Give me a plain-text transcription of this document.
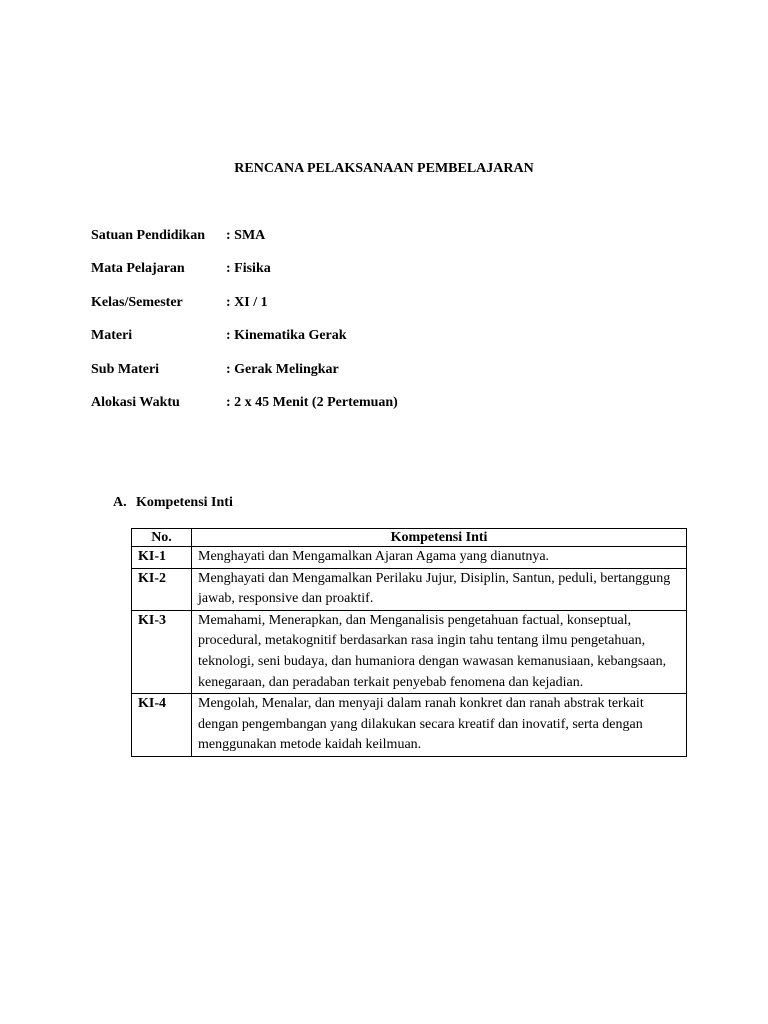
RENCANA PELAKSANAAN PEMBELAJARAN
Satuan Pendidikan	: SMA
Mata Pelajaran	: Fisika
Kelas/Semester	: XI / 1
Materi	: Kinematika Gerak
Sub Materi	: Gerak Melingkar
Alokasi Waktu	: 2 x 45 Menit (2 Pertemuan)
A. Kompetensi Inti
No.	Kompetensi Inti
KI-1	Menghayati dan Mengamalkan Ajaran Agama yang dianutnya.
KI-2	Menghayati dan Mengamalkan Perilaku Jujur, Disiplin, Santun, peduli, bertanggung jawab, responsive dan proaktif.
KI-3	Memahami, Menerapkan, dan Menganalisis pengetahuan factual, konseptual, procedural, metakognitif berdasarkan rasa ingin tahu tentang ilmu pengetahuan, teknologi, seni budaya, dan humaniora dengan wawasan kemanusiaan, kebangsaan, kenegaraan, dan peradaban terkait penyebab fenomena dan kejadian.
KI-4	Mengolah, Menalar, dan menyaji dalam ranah konkret dan ranah abstrak terkait dengan pengembangan yang dilakukan secara kreatif dan inovatif, serta dengan menggunakan metode kaidah keilmuan.
